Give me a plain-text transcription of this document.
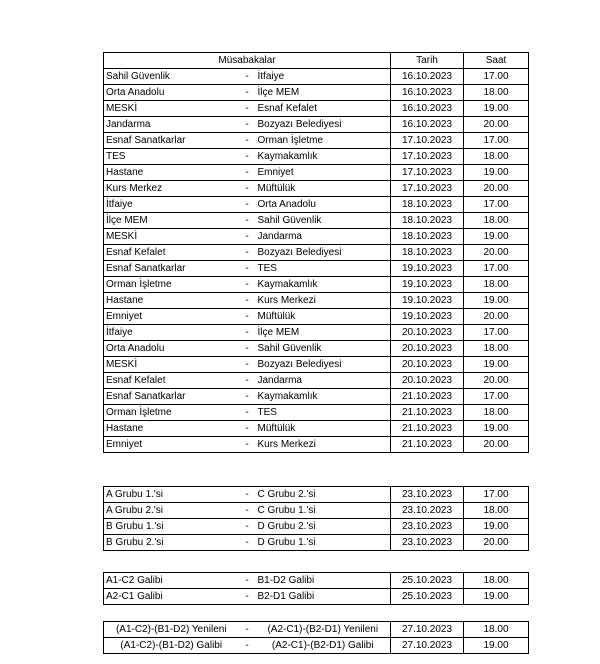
Müsabakalar			Tarih	Saat
Sahil Güvenlik	-	İtfaiye	16.10.2023	17.00
Orta Anadolu	-	İlçe MEM	16.10.2023	18.00
MESKİ	-	Esnaf Kefalet	16.10.2023	19.00
Jandarma	-	Bozyazı Belediyesi	16.10.2023	20.00
Esnaf Sanatkarlar	-	Orman İşletme	17.10.2023	17.00
TES	-	Kaymakamlık	17.10.2023	18.00
Hastane	-	Emniyet	17.10.2023	19.00
Kurs Merkez	-	Müftülük	17.10.2023	20.00
İtfaiye	-	Orta Anadolu	18.10.2023	17.00
İlçe MEM	-	Sahil Güvenlik	18.10.2023	18.00
MESKİ	-	Jandarma	18.10.2023	19.00
Esnaf Kefalet	-	Bozyazı Belediyesi	18.10.2023	20.00
Esnaf Sanatkarlar	-	TES	19.10.2023	17.00
Orman İşletme	-	Kaymakamlık	19.10.2023	18.00
Hastane	-	Kurs Merkezi	19.10.2023	19.00
Emniyet	-	Müftülük	19.10.2023	20.00
İtfaiye	-	İlçe MEM	20.10.2023	17.00
Orta Anadolu	-	Sahil Güvenlik	20.10.2023	18.00
MESKİ	-	Bozyazı Belediyesi	20.10.2023	19.00
Esnaf Kefalet	-	Jandarma	20.10.2023	20.00
Esnaf Sanatkarlar	-	Kaymakamlık	21.10.2023	17.00
Orman İşletme	-	TES	21.10.2023	18.00
Hastane	-	Müftülük	21.10.2023	19.00
Emniyet	-	Kurs Merkezi	21.10.2023	20.00
A Grubu 1.'si	-	C Grubu 2.'si	23.10.2023	17.00
A Grubu 2.'si	-	C Grubu 1.'si	23.10.2023	18.00
B Grubu 1.'si	-	D Grubu 2.'si	23.10.2023	19.00
B Grubu 2.'si	-	D Grubu 1.'si	23.10.2023	20.00
A1-C2 Galibi	-	B1-D2 Galibi	25.10.2023	18.00
A2-C1 Galibi	-	B2-D1 Galibi	25.10.2023	19.00
(A1-C2)-(B1-D2) Yenileni	-	(A2-C1)-(B2-D1) Yenileni	27.10.2023	18.00
(A1-C2)-(B1-D2) Galibi	-	(A2-C1)-(B2-D1) Galibi	27.10.2023	19.00
